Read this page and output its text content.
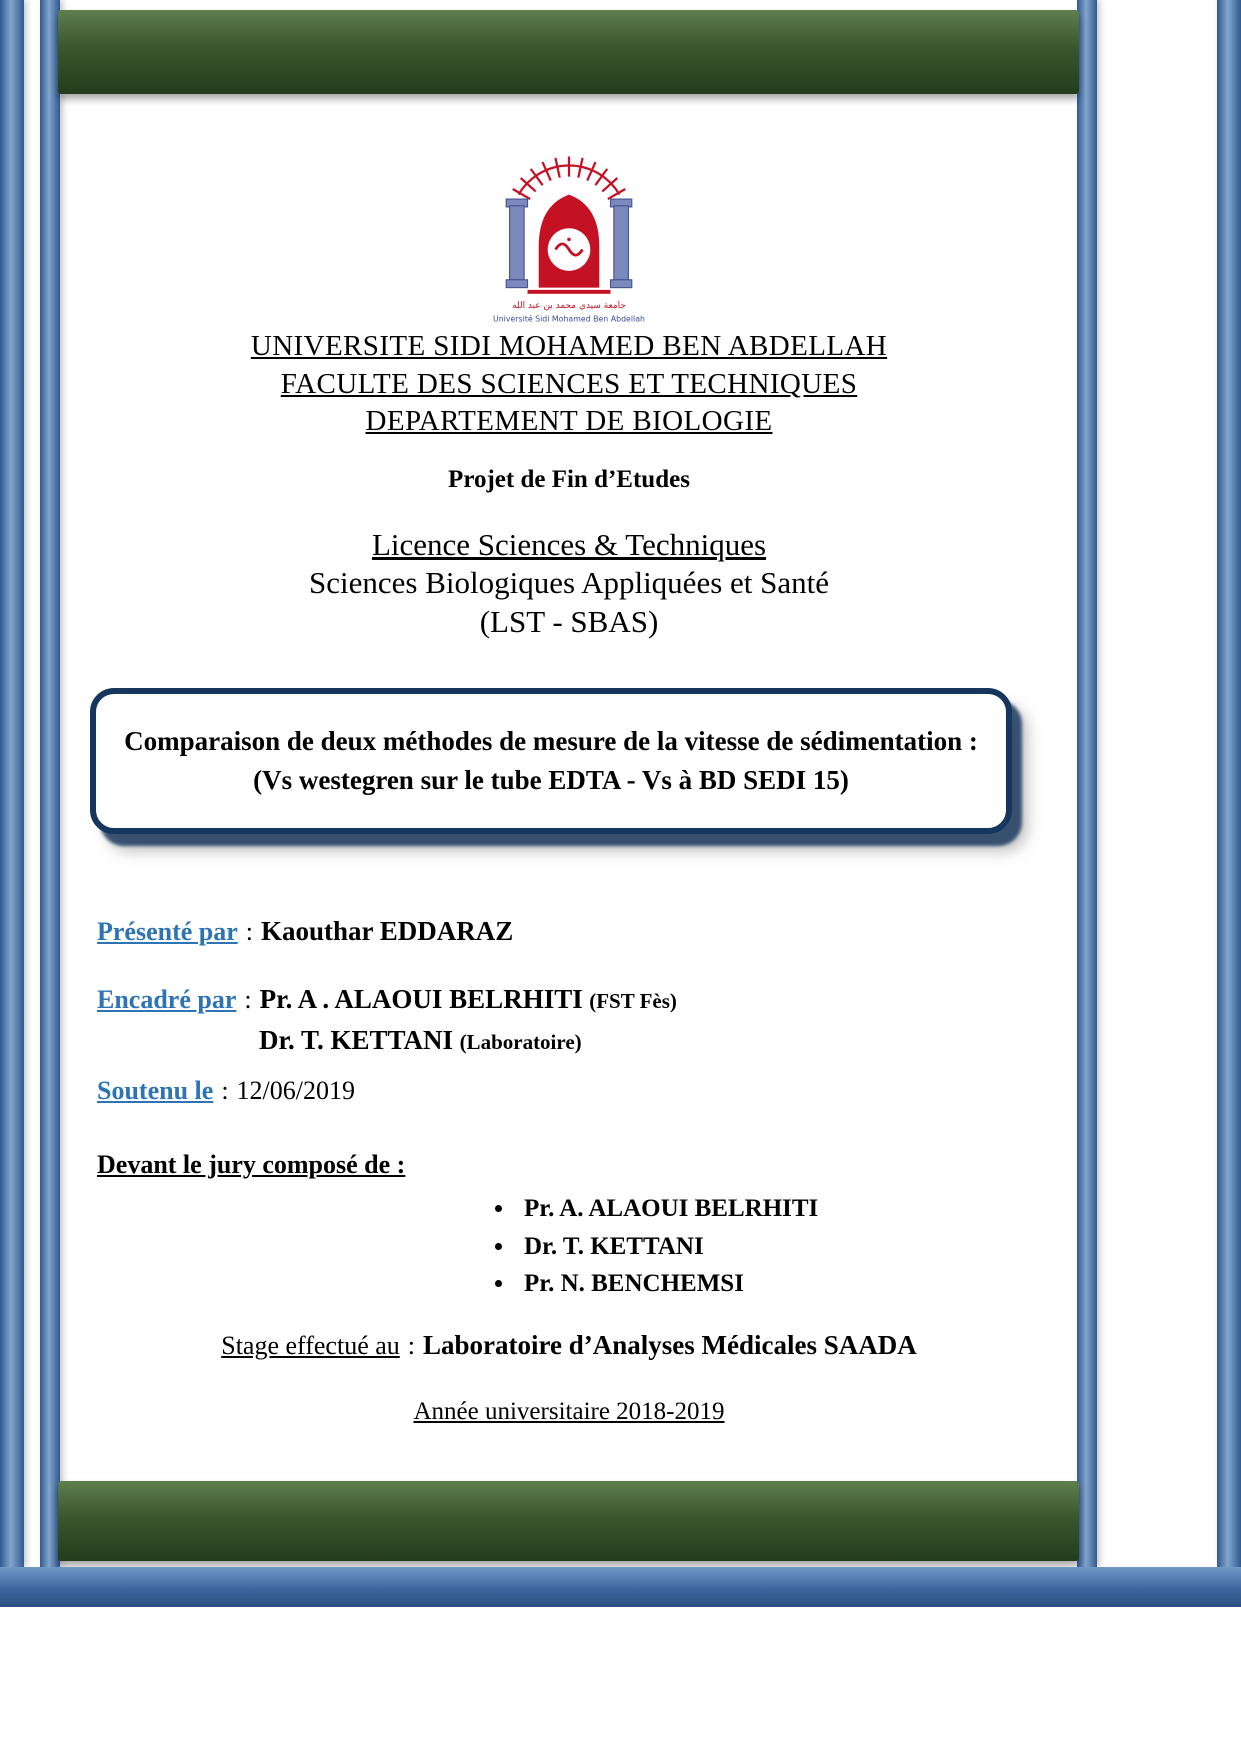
جامعة سيدي محمد بن عبد الله
Université Sidi Mohamed Ben Abdellah
UNIVERSITE SIDI MOHAMED BEN ABDELLAH
FACULTE DES SCIENCES ET TECHNIQUES
DEPARTEMENT DE BIOLOGIE
Projet de Fin d’Etudes
Licence Sciences & Techniques
Sciences Biologiques Appliquées et Santé
(LST - SBAS)
Comparaison de deux méthodes de mesure de la vitesse de sédimentation :
(Vs westegren sur le tube EDTA - Vs à BD SEDI 15)
Présenté par : Kaouthar EDDARAZ
Encadré par : Pr. A . ALAOUI BELRHITI (FST Fès)
Dr. T. KETTANI (Laboratoire)
Soutenu le : 12/06/2019
Devant le jury composé de :
• Pr. A. ALAOUI BELRHITI
• Dr. T. KETTANI
• Pr. N. BENCHEMSI
Stage effectué au : Laboratoire d’Analyses Médicales SAADA
Année universitaire 2018-2019
